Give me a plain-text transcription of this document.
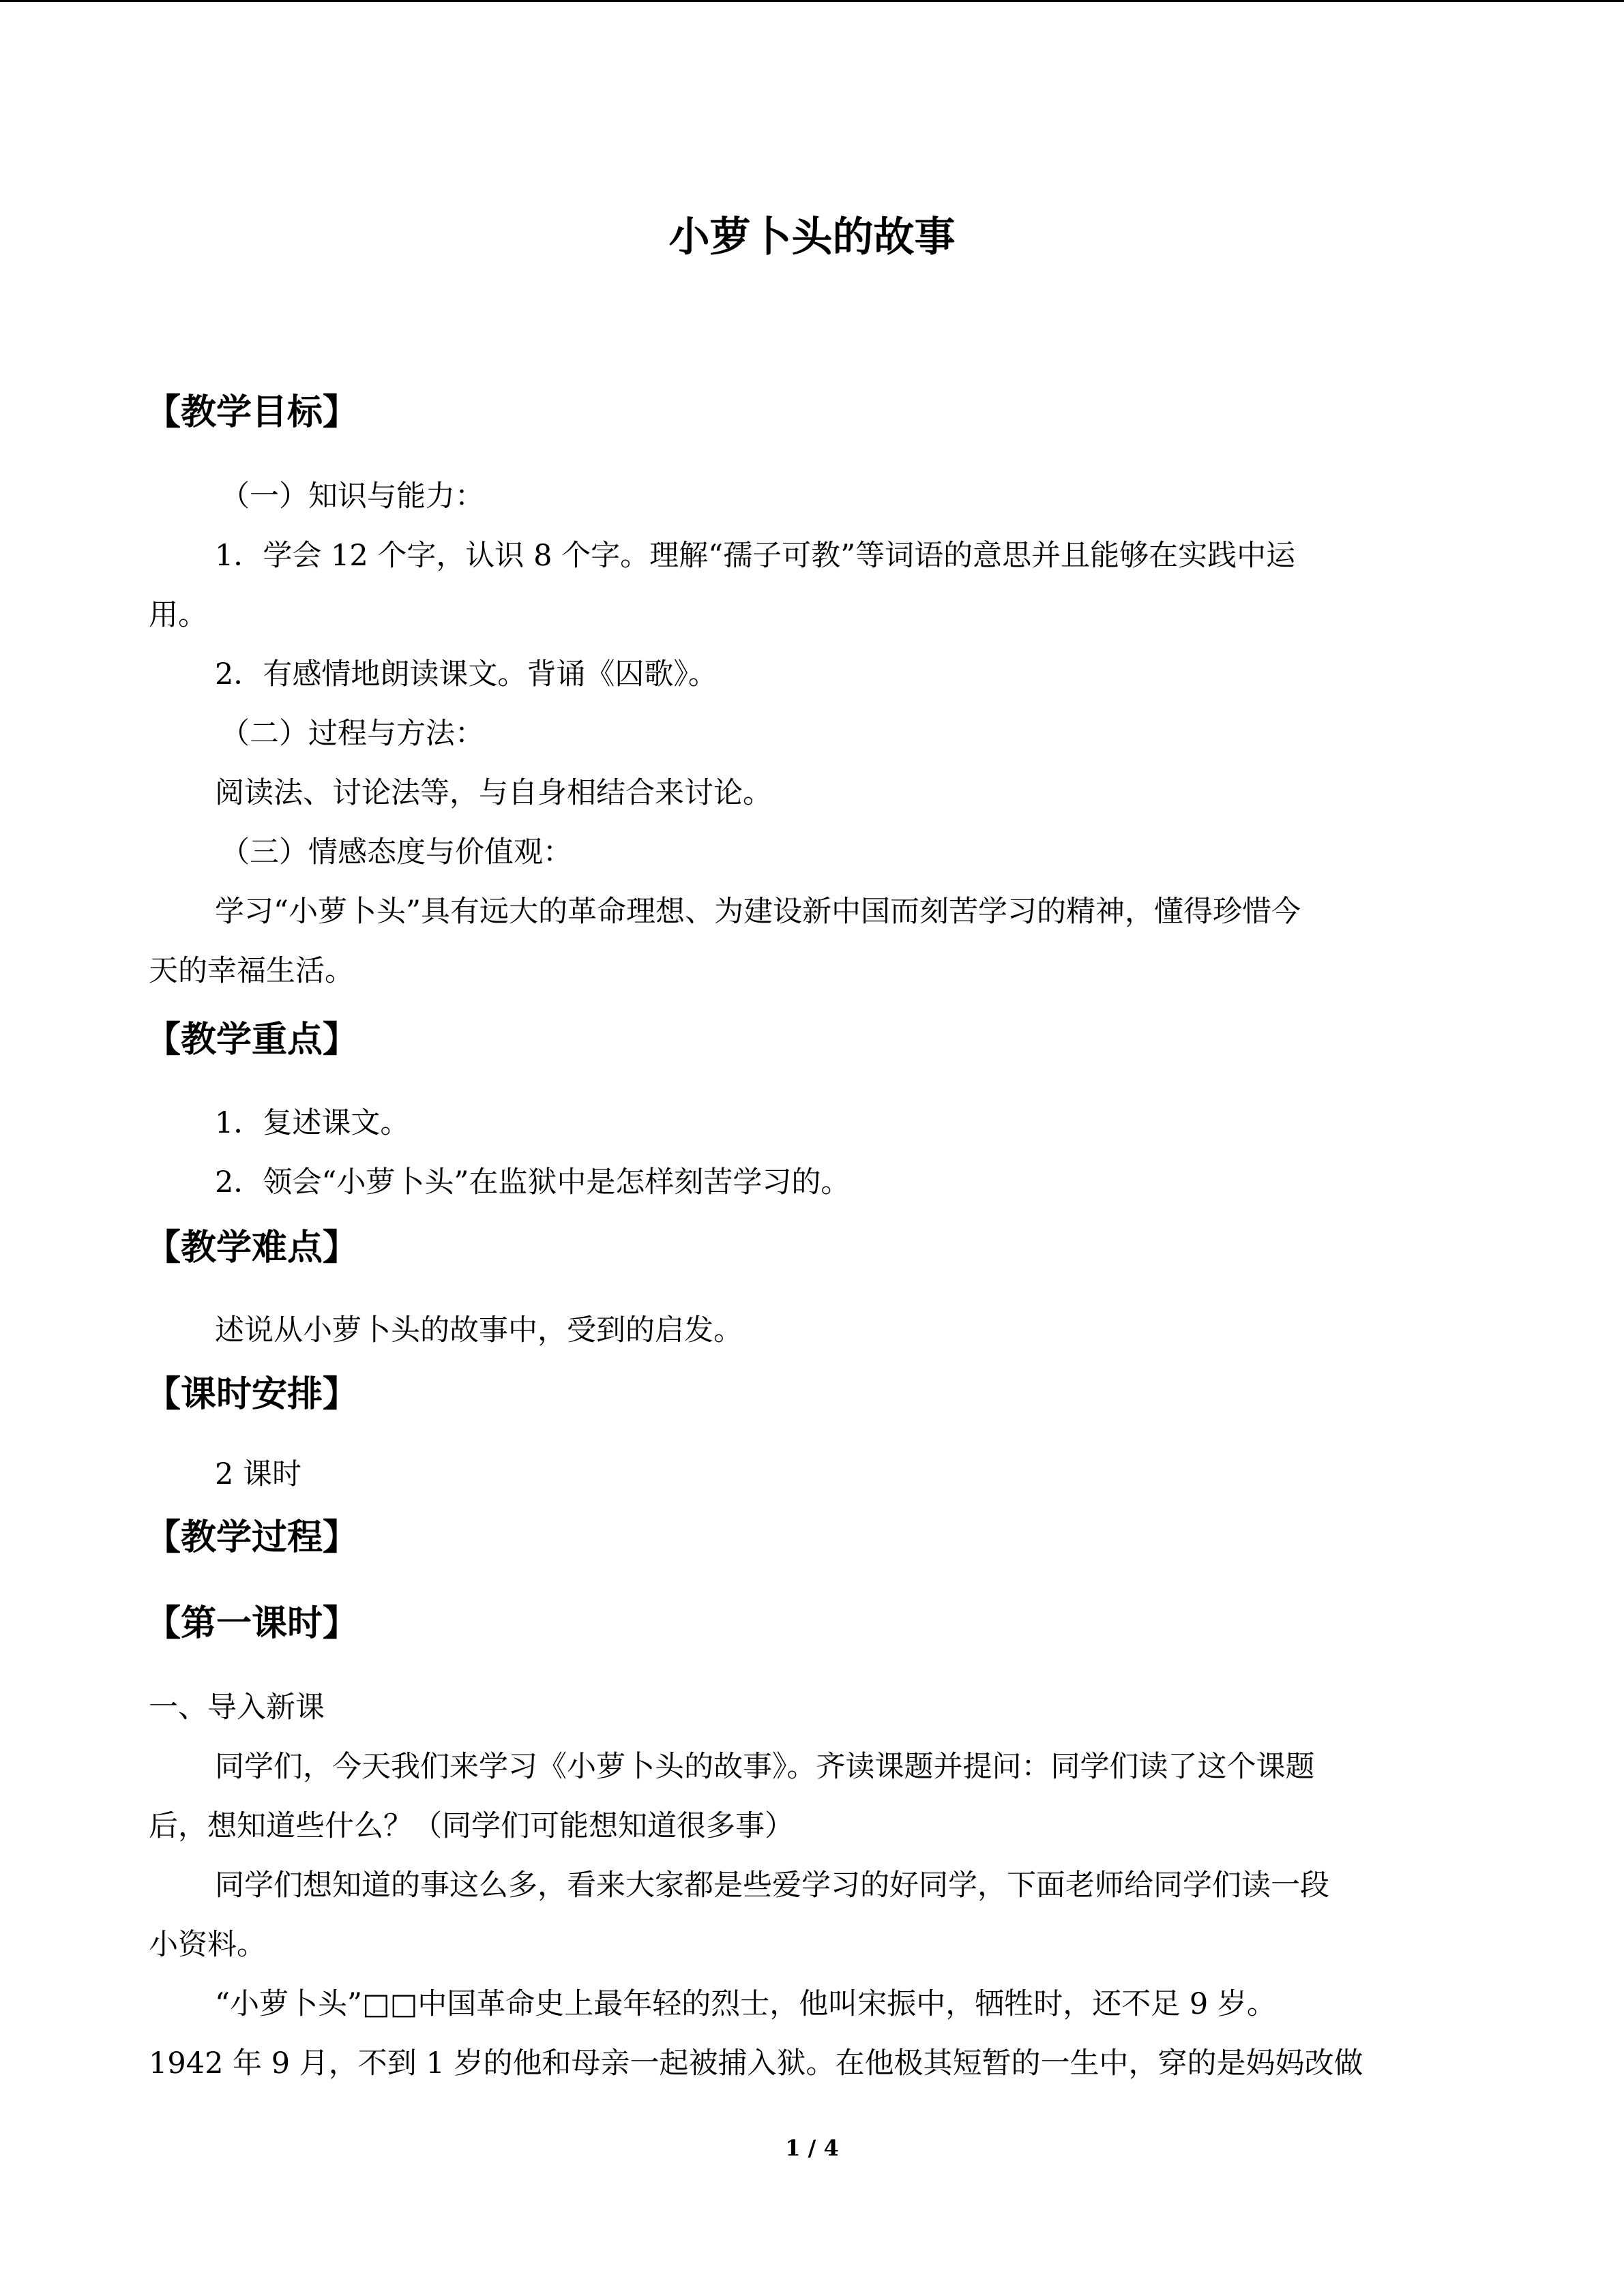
小萝卜头的故事
【教学目标】

（一）知识与能力：

1．学会 12 个字，认识 8 个字。理解“孺子可教”等词语的意思并且能够在实践中运

用。

2．有感情地朗读课文。背诵《囚歌》。

（二）过程与方法：

阅读法、讨论法等，与自身相结合来讨论。

（三）情感态度与价值观：

学习“小萝卜头”具有远大的革命理想、为建设新中国而刻苦学习的精神，懂得珍惜今

天的幸福生活。

【教学重点】

1．复述课文。

2．领会“小萝卜头”在监狱中是怎样刻苦学习的。

【教学难点】

述说从小萝卜头的故事中，受到的启发。

【课时安排】

2 课时

【教学过程】
【第一课时】

一、导入新课

同学们，今天我们来学习《小萝卜头的故事》。齐读课题并提问：同学们读了这个课题

后，想知道些什么？（同学们可能想知道很多事）

同学们想知道的事这么多，看来大家都是些爱学习的好同学，下面老师给同学们读一段

小资料。

“小萝卜头”□□中国革命史上最年轻的烈士，他叫宋振中，牺牲时，还不足 9 岁。

1942 年 9 月，不到 1 岁的他和母亲一起被捕入狱。在他极其短暂的一生中，穿的是妈妈改做

1 / 4
